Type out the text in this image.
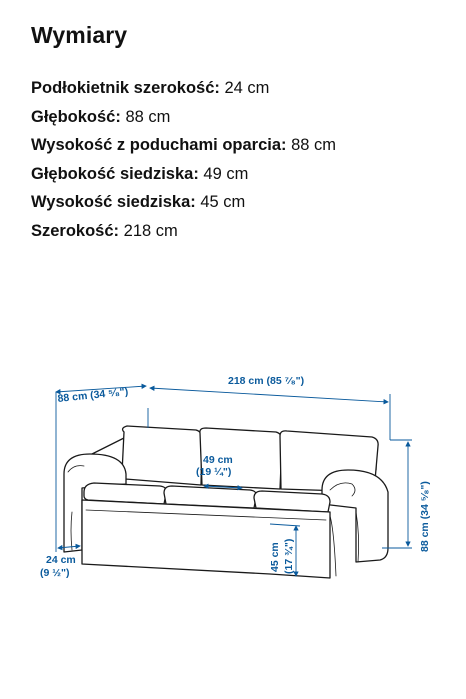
Wymiary
Podłokietnik szerokość: 24 cm
Głębokość: 88 cm
Wysokość z poduchami oparcia: 88 cm
Głębokość siedziska: 49 cm
Wysokość siedziska: 45 cm
Szerokość: 218 cm
218 cm (85 ⁷⁄₈")
88 cm (34 ⁵⁄₈")
88 cm (34 ⁵⁄₈")
49 cm
(19 ¼")
45 cm (17 ¾")
24 cm
(9 ½")
